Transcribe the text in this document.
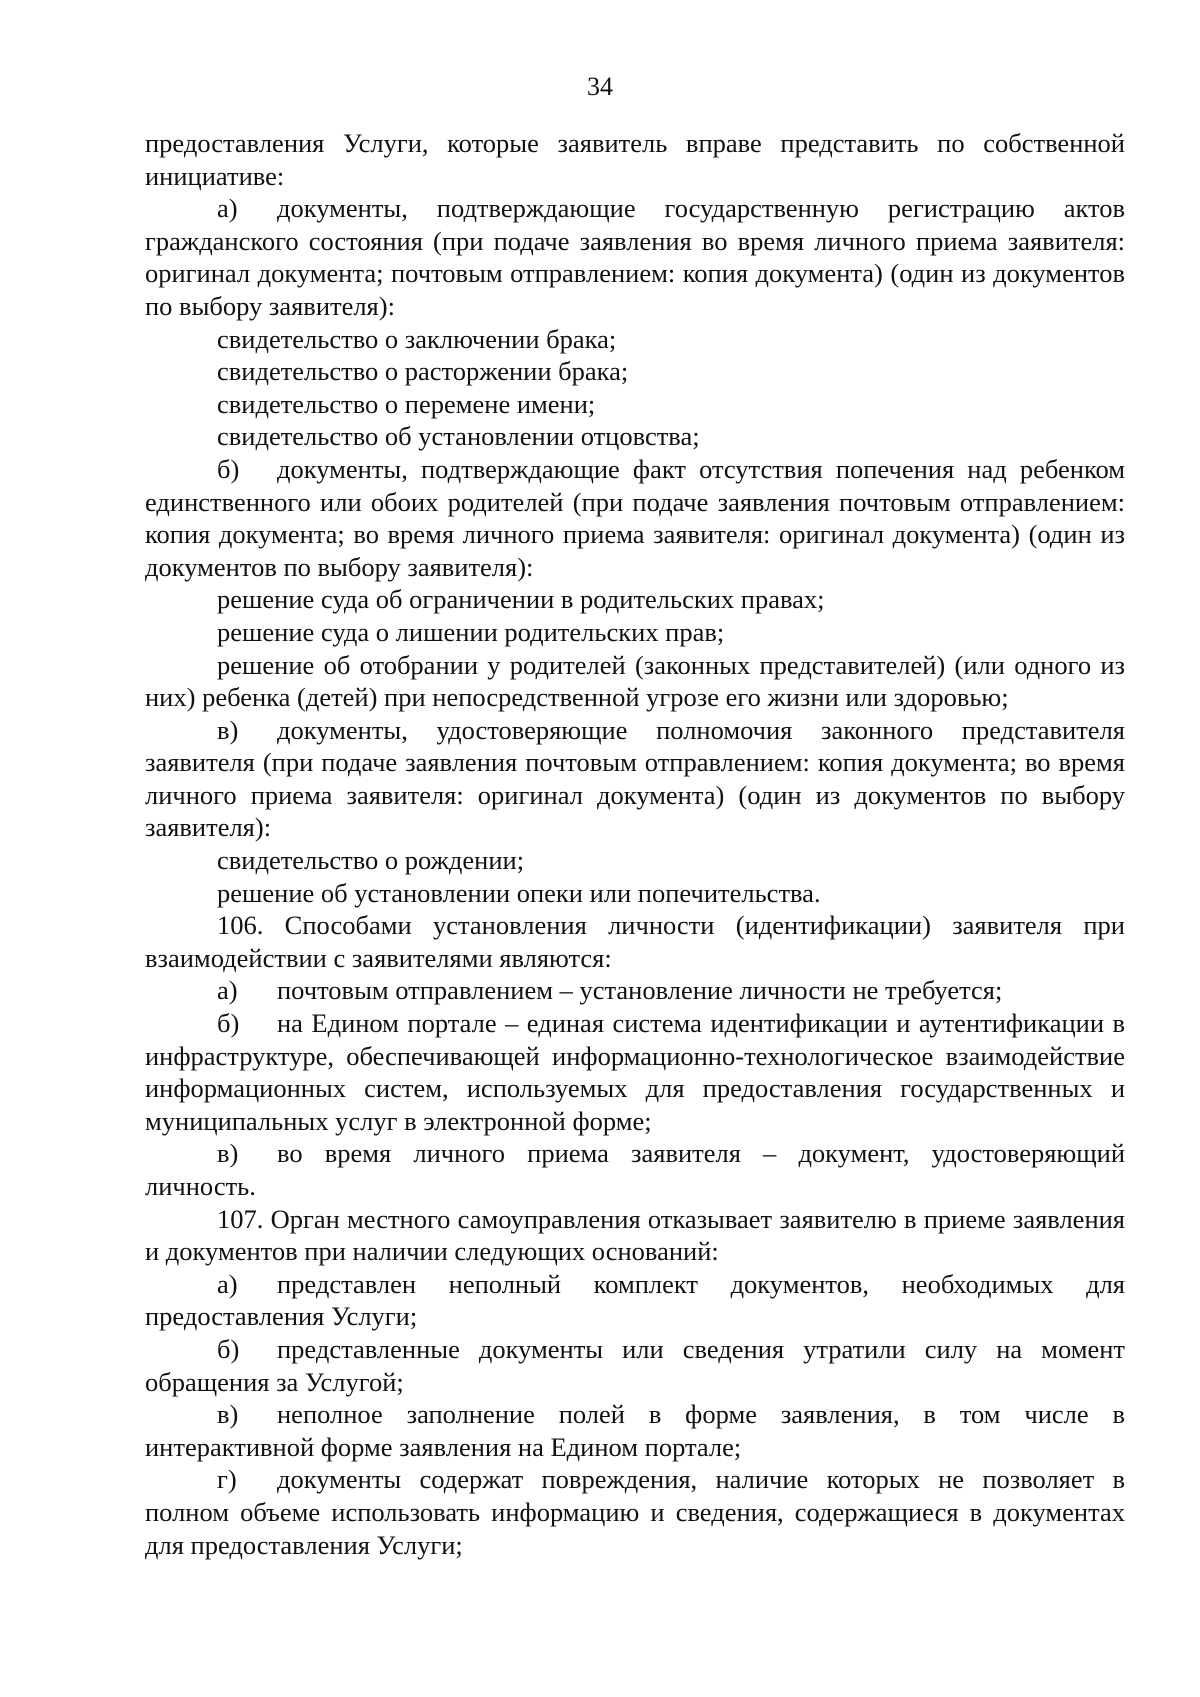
34

предоставления Услуги, которые заявитель вправе представить по собственной инициативе:

а) документы, подтверждающие государственную регистрацию актов гражданского состояния (при подаче заявления во время личного приема заявителя: оригинал документа; почтовым отправлением: копия документа) (один из документов по выбору заявителя):

свидетельство о заключении брака;

свидетельство о расторжении брака;

свидетельство о перемене имени;

свидетельство об установлении отцовства;

б) документы, подтверждающие факт отсутствия попечения над ребенком единственного или обоих родителей (при подаче заявления почтовым отправлением: копия документа; во время личного приема заявителя: оригинал документа) (один из документов по выбору заявителя):

решение суда об ограничении в родительских правах;

решение суда о лишении родительских прав;

решение об отобрании у родителей (законных представителей) (или одного из них) ребенка (детей) при непосредственной угрозе его жизни или здоровью;

в) документы, удостоверяющие полномочия законного представителя заявителя (при подаче заявления почтовым отправлением: копия документа; во время личного приема заявителя: оригинал документа) (один из документов по выбору заявителя):

свидетельство о рождении;

решение об установлении опеки или попечительства.

106. Способами установления личности (идентификации) заявителя при взаимодействии с заявителями являются:

а) почтовым отправлением – установление личности не требуется;

б) на Едином портале – единая система идентификации и аутентификации в инфраструктуре, обеспечивающей информационно-технологическое взаимодействие информационных систем, используемых для предоставления государственных и муниципальных услуг в электронной форме;

в) во время личного приема заявителя – документ, удостоверяющий личность.

107. Орган местного самоуправления отказывает заявителю в приеме заявления и документов при наличии следующих оснований:

а) представлен неполный комплект документов, необходимых для предоставления Услуги;

б) представленные документы или сведения утратили силу на момент обращения за Услугой;

в) неполное заполнение полей в форме заявления, в том числе в интерактивной форме заявления на Едином портале;

г) документы содержат повреждения, наличие которых не позволяет в полном объеме использовать информацию и сведения, содержащиеся в документах для предоставления Услуги;
